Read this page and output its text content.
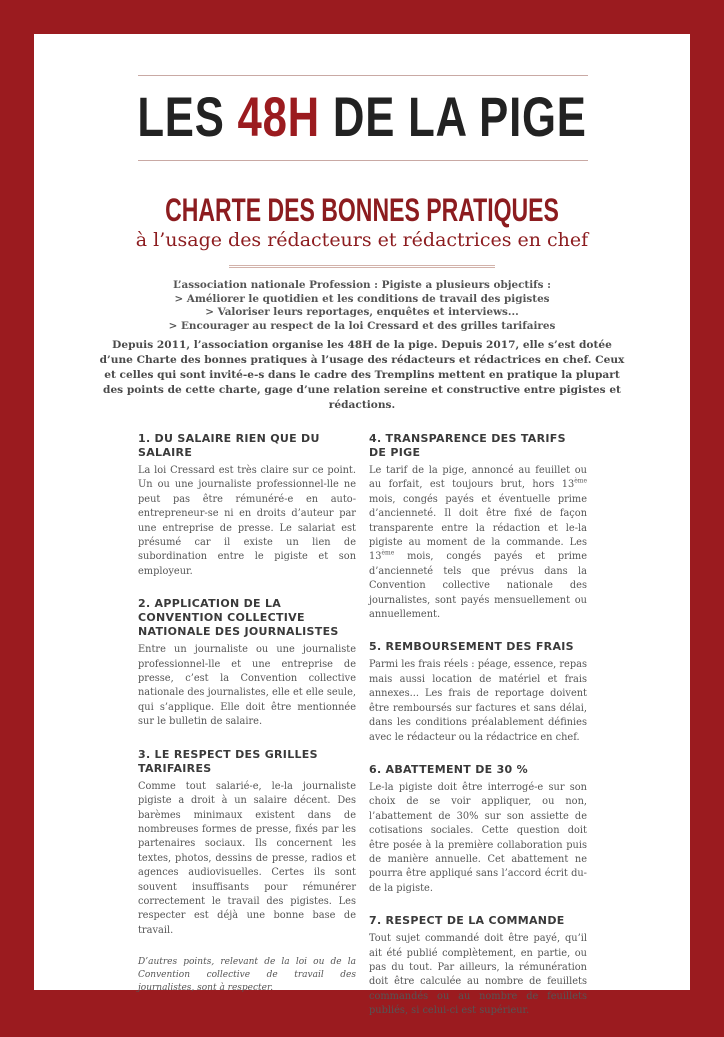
LES 48H DE LA PIGE
CHARTE DES BONNES PRATIQUES
à l’usage des rédacteurs et rédactrices en chef
L’association nationale Profession : Pigiste a plusieurs objectifs :
> Améliorer le quotidien et les conditions de travail des pigistes
> Valoriser leurs reportages, enquêtes et interviews...
> Encourager au respect de la loi Cressard et des grilles tarifaires
Depuis 2011, l’association organise les 48H de la pige. Depuis 2017, elle s’est dotée d’une Charte des bonnes pratiques à l’usage des rédacteurs et rédactrices en chef. Ceux et celles qui sont invité-e-s dans le cadre des Tremplins mettent en pratique la plupart des points de cette charte, gage d’une relation sereine et constructive entre pigistes et rédactions.
1. DU SALAIRE RIEN QUE DU SALAIRE

La loi Cressard est très claire sur ce point. Un ou une journaliste professionnel-lle ne peut pas être rémunéré-e en auto-entrepreneur-se ni en droits d’auteur par une entreprise de presse. Le salariat est présumé car il existe un lien de subordination entre le pigiste et son employeur.

2. APPLICATION DE LA CONVENTION COLLECTIVE NATIONALE DES JOURNALISTES

Entre un journaliste ou une journaliste professionnel-lle et une entreprise de presse, c’est la Convention collective nationale des journalistes, elle et elle seule, qui s’applique. Elle doit être mentionnée sur le bulletin de salaire.

3. LE RESPECT DES GRILLES TARIFAIRES

Comme tout salarié-e, le-la journaliste pigiste a droit à un salaire décent. Des barèmes minimaux existent dans de nombreuses formes de presse, fixés par les partenaires sociaux. Ils concernent les textes, photos, dessins de presse, radios et agences audiovisuelles. Certes ils sont souvent insuffisants pour rémunérer correctement le travail des pigistes. Les respecter est déjà une bonne base de travail.

D’autres points, relevant de la loi ou de la Convention collective de travail des journalistes, sont à respecter.
4. TRANSPARENCE DES TARIFS DE PIGE

Le tarif de la pige, annoncé au feuillet ou au forfait, est toujours brut, hors 13ème mois, congés payés et éventuelle prime d’ancienneté. Il doit être fixé de façon transparente entre la rédaction et le-la pigiste au moment de la commande. Les 13ème mois, congés payés et prime d’ancienneté tels que prévus dans la Convention collective nationale des journalistes, sont payés mensuellement ou annuellement.

5. REMBOURSEMENT DES FRAIS

Parmi les frais réels : péage, essence, repas mais aussi location de matériel et frais annexes... Les frais de reportage doivent être remboursés sur factures et sans délai, dans les conditions préalablement définies avec le rédacteur ou la rédactrice en chef.

6. ABATTEMENT DE 30 %

Le-la pigiste doit être interrogé-e sur son choix de se voir appliquer, ou non, l’abattement de 30% sur son assiette de cotisations sociales. Cette question doit être posée à la première collaboration puis de manière annuelle. Cet abattement ne pourra être appliqué sans l’accord écrit du-de la pigiste.

7. RESPECT DE LA COMMANDE

Tout sujet commandé doit être payé, qu’il ait été publié complètement, en partie, ou pas du tout. Par ailleurs, la rémunération doit être calculée au nombre de feuillets commandés ou au nombre de feuillets publiés, si celui-ci est supérieur.
